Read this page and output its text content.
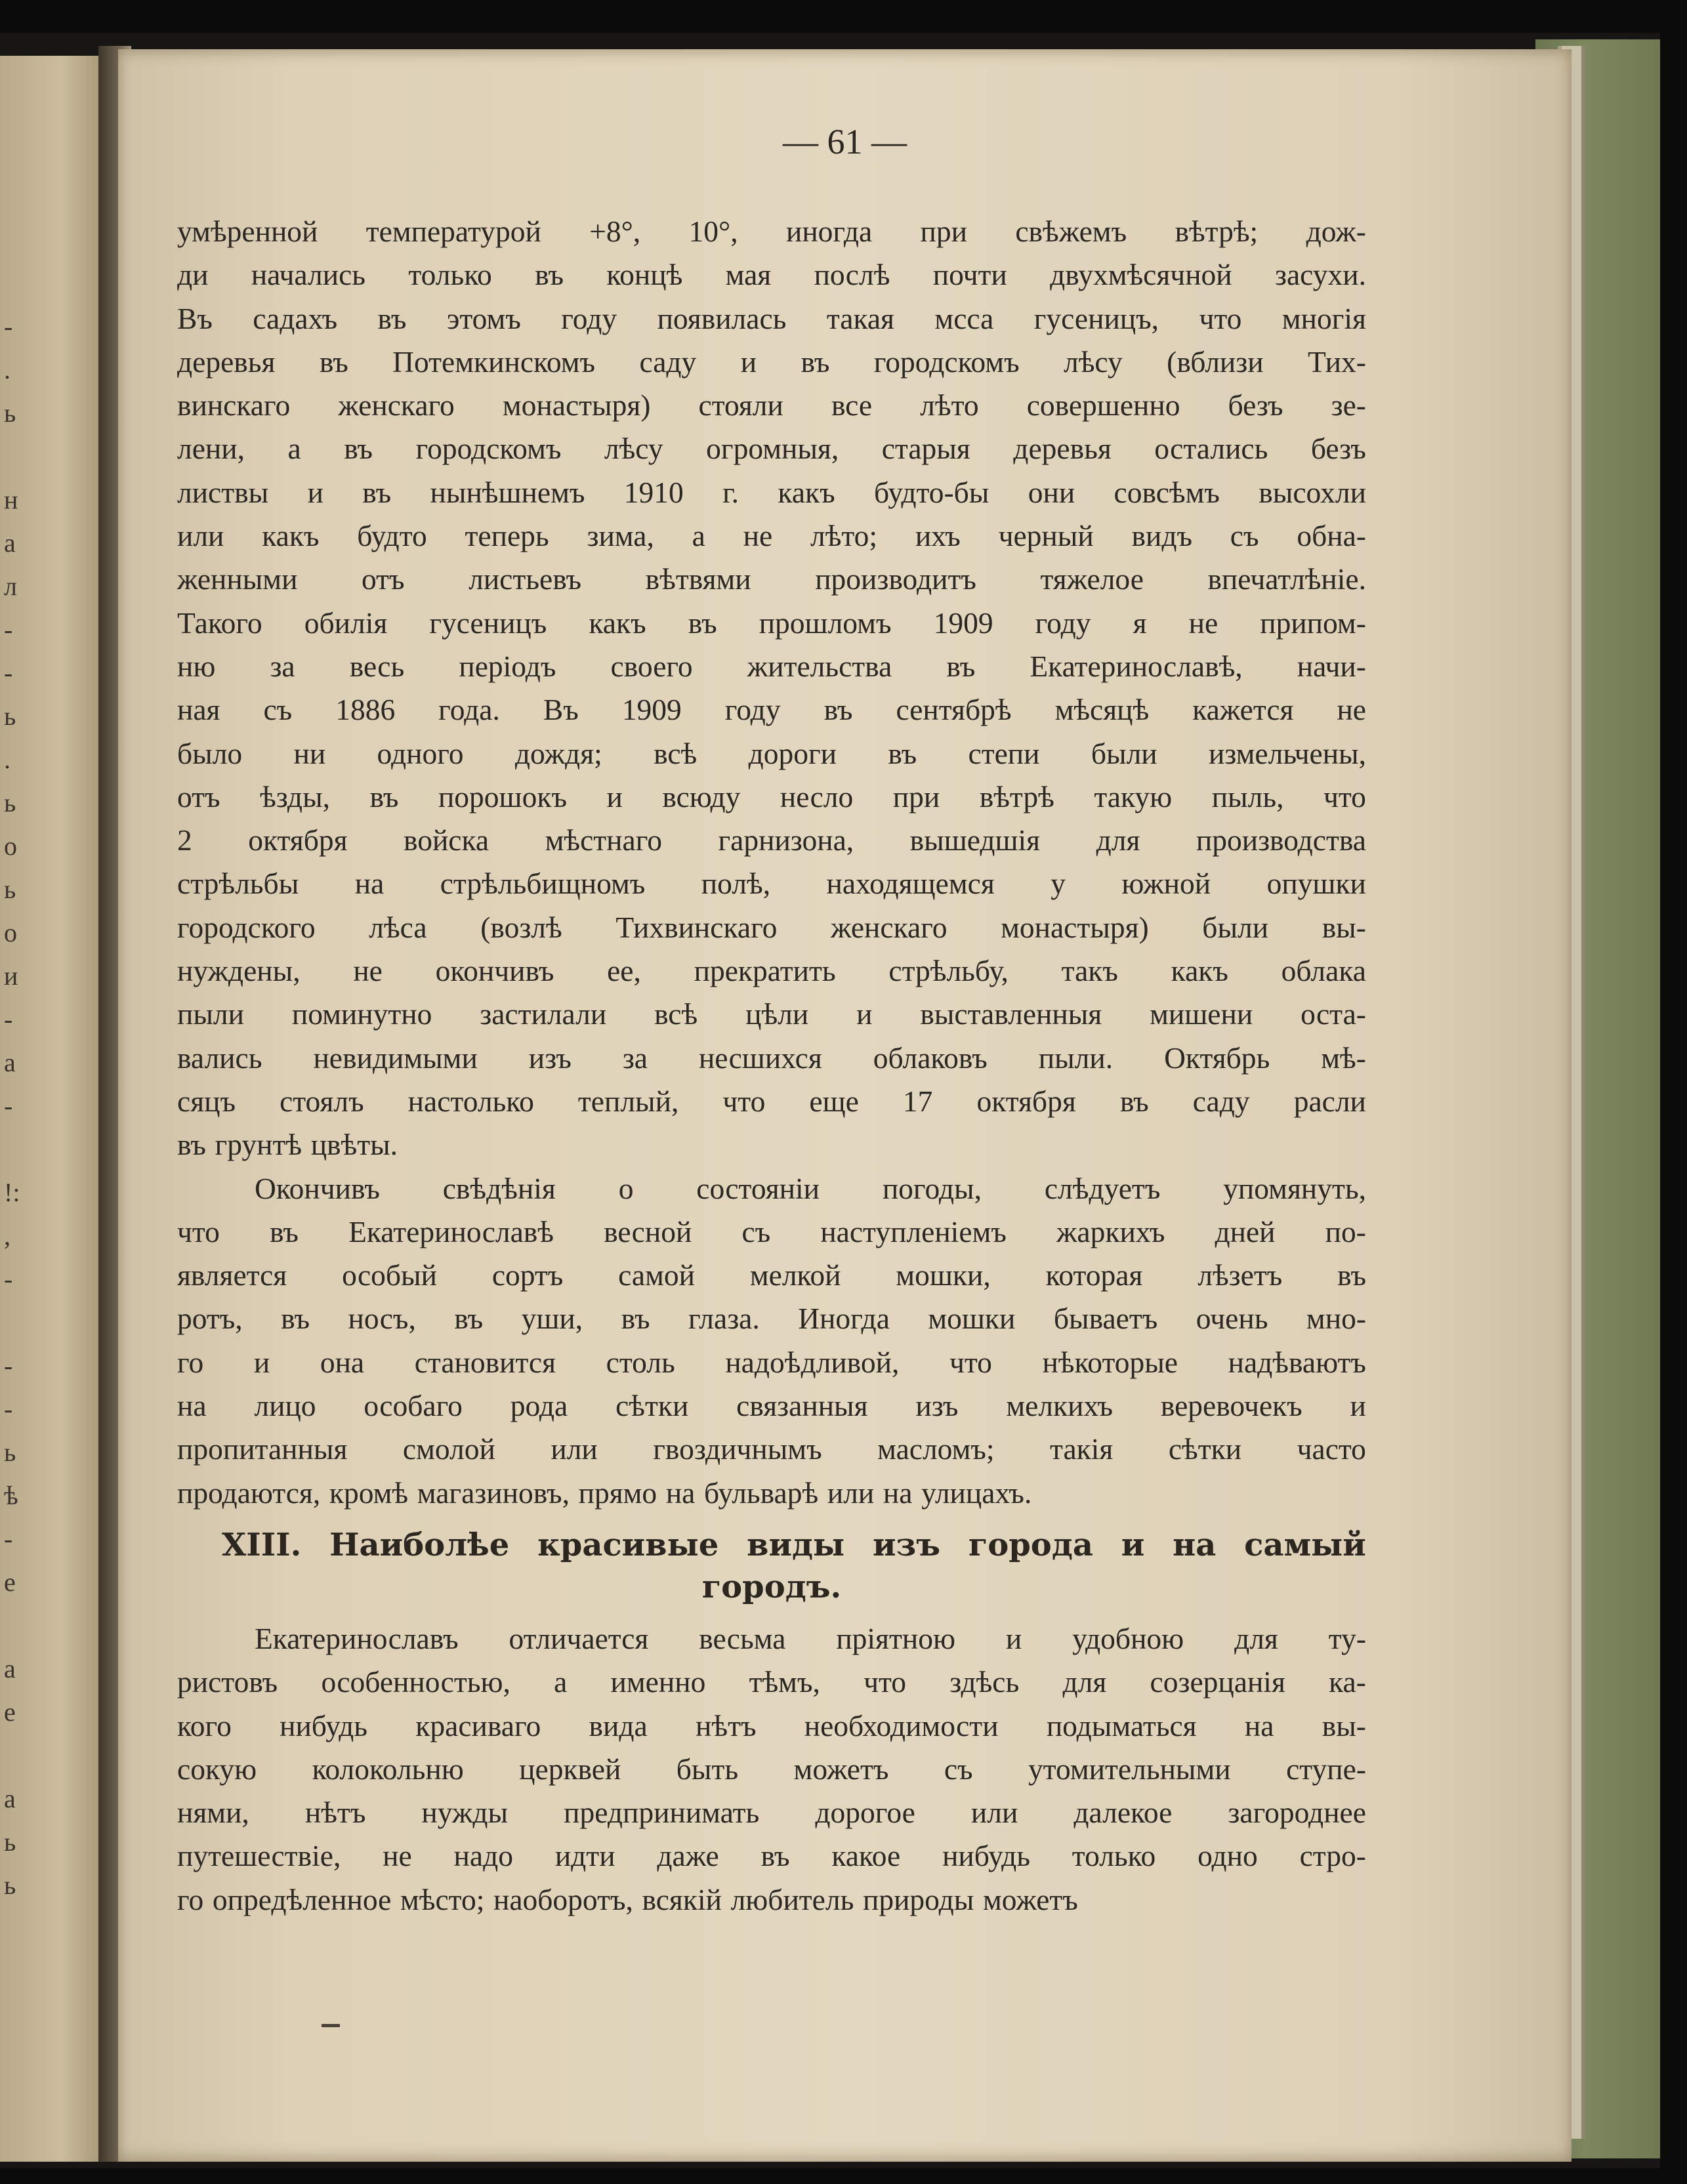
-
.
ь
н
а
л
-
-
ь
.
ь
о
ь
о
и
-
а
-
!:
,
-
-
-
ь
ѣ
-
е
а
е
а
ь
ь
— 61 —
умѣренной температурой +8°, 10°, иногда при свѣжемъ вѣтрѣ; дож-
ди начались только въ концѣ мая послѣ почти двухмѣсячной засухи.
Въ садахъ въ этомъ году появилась такая мсса гусеницъ, что многія
деревья въ Потемкинскомъ саду и въ городскомъ лѣсу (вблизи Тих-
винскаго женскаго монастыря) стояли все лѣто совершенно безъ зе-
лени, а въ городскомъ лѣсу огромныя, старыя деревья остались безъ
листвы и въ нынѣшнемъ 1910 г. какъ будто-бы они совсѣмъ высохли
или какъ будто теперь зима, а не лѣто; ихъ черный видъ съ обна-
женными отъ листьевъ вѣтвями производитъ тяжелое впечатлѣніе.
Такого обилія гусеницъ какъ въ прошломъ 1909 году я не припом-
ню за весь періодъ своего жительства въ Екатеринославѣ, начи-
ная съ 1886 года. Въ 1909 году въ сентябрѣ мѣсяцѣ кажется не
было ни одного дождя; всѣ дороги въ степи были измельчены,
отъ ѣзды, въ порошокъ и всюду несло при вѣтрѣ такую пыль, что
2 октября войска мѣстнаго гарнизона, вышедшія для производства
стрѣльбы на стрѣльбищномъ полѣ, находящемся у южной опушки
городского лѣса (возлѣ Тихвинскаго женскаго монастыря) были вы-
нуждены, не окончивъ ее, прекратить стрѣльбу, такъ какъ облака
пыли поминутно застилали всѣ цѣли и выставленныя мишени оста-
вались невидимыми изъ за несшихся облаковъ пыли. Октябрь мѣ-
сяцъ стоялъ настолько теплый, что еще 17 октября въ саду расли
въ грунтѣ цвѣты.
Окончивъ свѣдѣнія о состояніи погоды, слѣдуетъ упомянуть,
что въ Екатеринославѣ весной съ наступленіемъ жаркихъ дней по-
является особый сортъ самой мелкой мошки, которая лѣзетъ въ
ротъ, въ носъ, въ уши, въ глаза. Иногда мошки бываетъ очень мно-
го и она становится столь надоѣдливой, что нѣкоторые надѣваютъ
на лицо особаго рода сѣтки связанныя изъ мелкихъ веревочекъ и
пропитанныя смолой или гвоздичнымъ масломъ; такія сѣтки часто
продаются, кромѣ магазиновъ, прямо на бульварѣ или на улицахъ.
XIII. Наиболѣе красивые виды изъ города и на самый
городъ.
Екатеринославъ отличается весьма пріятною и удобною для ту-
ристовъ особенностью, а именно тѣмъ, что здѣсь для созерцанія ка-
кого нибудь красиваго вида нѣтъ необходимости подыматься на вы-
сокую колокольню церквей быть можетъ съ утомительными ступе-
нями, нѣтъ нужды предпринимать дорогое или далекое загороднее
путешествіе, не надо идти даже въ какое нибудь только одно стро-
го опредѣленное мѣсто; наоборотъ, всякій любитель природы можетъ
